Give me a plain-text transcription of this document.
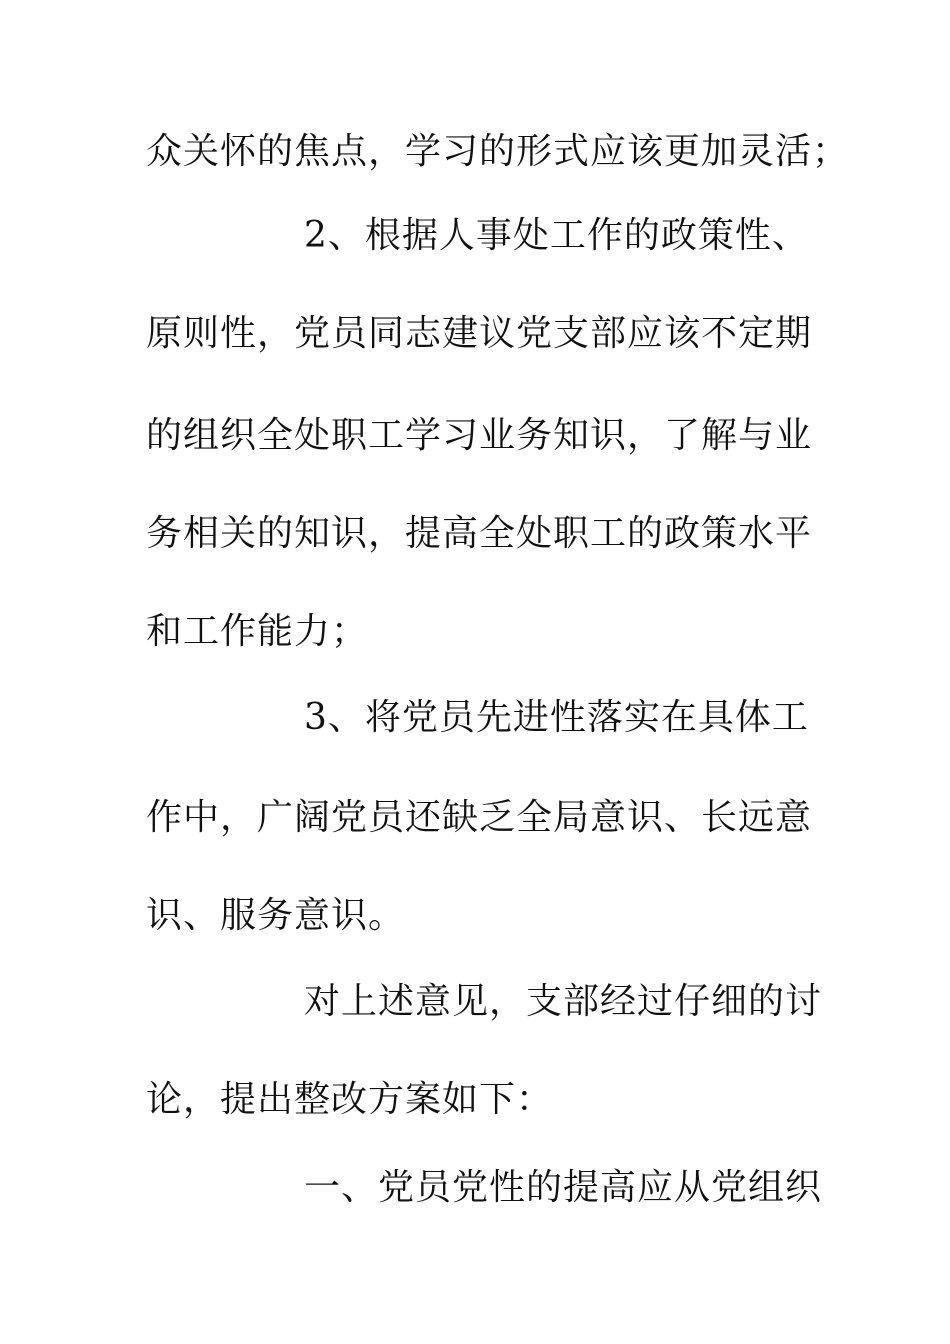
众关怀的焦点，学习的形式应该更加灵活；
2、根据人事处工作的政策性、
原则性，党员同志建议党支部应该不定期
的组织全处职工学习业务知识，了解与业
务相关的知识，提高全处职工的政策水平
和工作能力；
3、将党员先进性落实在具体工
作中，广阔党员还缺乏全局意识、长远意
识、服务意识。
对上述意见，支部经过仔细的讨
论，提出整改方案如下：
一、党员党性的提高应从党组织
